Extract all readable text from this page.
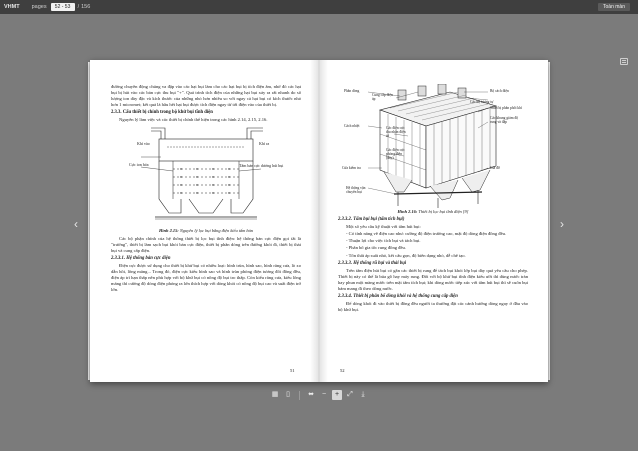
VHMT pages	52 - 53	/ 156	Toàn màn
‹	›

đường chuyền động chúng va đập vào các hạt bụi làm cho các hạt bụi bị tích điện âm, nhờ đó các hạt bụi bị hút vào các bản cực thu bụi "+". Quá trình tích điện của những hạt bụi xảy ra rất nhanh do số lượng ion dày đặc và kích thước của những nhỏ hơn nhiều so với ngay cả hạt bụi có kích thước nhỏ hơn 1 micromet; kết quả là hầu hết hạt bụi được tích điện ngay từ tới điện vào của thiết bị.

2.3.3. Cấu thiết bị chính trong bộ khử bụi tĩnh điện

Nguyên lý làm việc và các thiết bị chính thể hiện trong các hình 2.14, 2.15, 2.16.

Khí vào	Khí ra
Cực ion hóa	Tấm bản cực dương hút bụi

Hình 2.15: Nguyên lý lọc bụi bằng điện kiểu tấm bản

Các bộ phận chính của hệ thống thiết bị lọc bụi tĩnh điện: hệ thống bản cực điện gọi tắt là "trường", thiết bị làm sạch bụi khỏi bản cực điện, thiết bị phân dòng trên đường khói đi, thiết bị thải bụi và cung cấp điện.

2.3.3.1. Hệ thống bản cực điện

Điện cực được sử dụng cho thiết bị khử bụi có nhiều loại: hình trùn, hình sao, hình răng cưa, lò xo dẫn hồi, lông măng... Trong đó, điện cực kiểu hình sao và hình trùn phòng điện tương đối đồng đều, điện áp trì hạn thấp nên phù hợp với bộ khử bụi có nồng độ bụi tro thấp. Còn kiểu răng cưa, kiểu lông măng thì cường độ dòng điện phóng ra lớn thích hợp với dòng khói có nồng độ bụi cao và suất điện trở lớn.

51
Phần dòng
Cung cấp điện áp
Bộ cách điện
Các bộ tương tự
Thiết bị phân phối khí
Cách nhiệt	Các điện cực thu nhận điện tử
Các khung giảm độ rung và đập
Các điện cực phóng điện (dây)
Cửa kiểm tra	Giá đỡ
Hệ thống vận chuyển bụi

Hình 2.16: Thiết bị lọc bụi tĩnh điện [9]

2.3.3.2. Tấm bụi bụi (tấm tích bụi)

Một số yêu cầu kỹ thuật với tấm hút bụi:

- Có tính năng về điện cao như: cường độ điện trường cao, mật độ dòng điện đồng đều.

- Thuận lợi cho việc tích bụi và tách bụi.

- Phân bố gia tốc rung đồng đều.

- Tốn thất áp suất nhỏ, kết cấu gọn, độ biến dạng nhỏ, dễ chế tạo.

2.3.3.3. Hệ thống rũ bụi và thải bụi

Trên tấm điện hút bụi có gắn các thiết bị rung để tách bụi khỏi lớp bụi dày quá yêu cầu cho phép. Thiết bị này có thể là búa gõ hay máy rung. Đối với bộ khử bụi tĩnh điện kiểu ướt thì dùng nước tràn hay phun một màng nước trên mặt tấm tích bụi; khi dòng nước tiếp xúc với tấm hút bụi thì sẽ cuốn bụi bám mang đi theo dòng nước.

2.3.3.4. Thiết bị phân bố dòng khói và hệ thống cung cấp điện

Để dòng khói đi vào thiết bị đồng đều người ta thường đặt các cánh hướng dòng ngay ở đầu vào bộ khử bụi.

52
▦	▯	⬌	−	+	⤢	⤓
